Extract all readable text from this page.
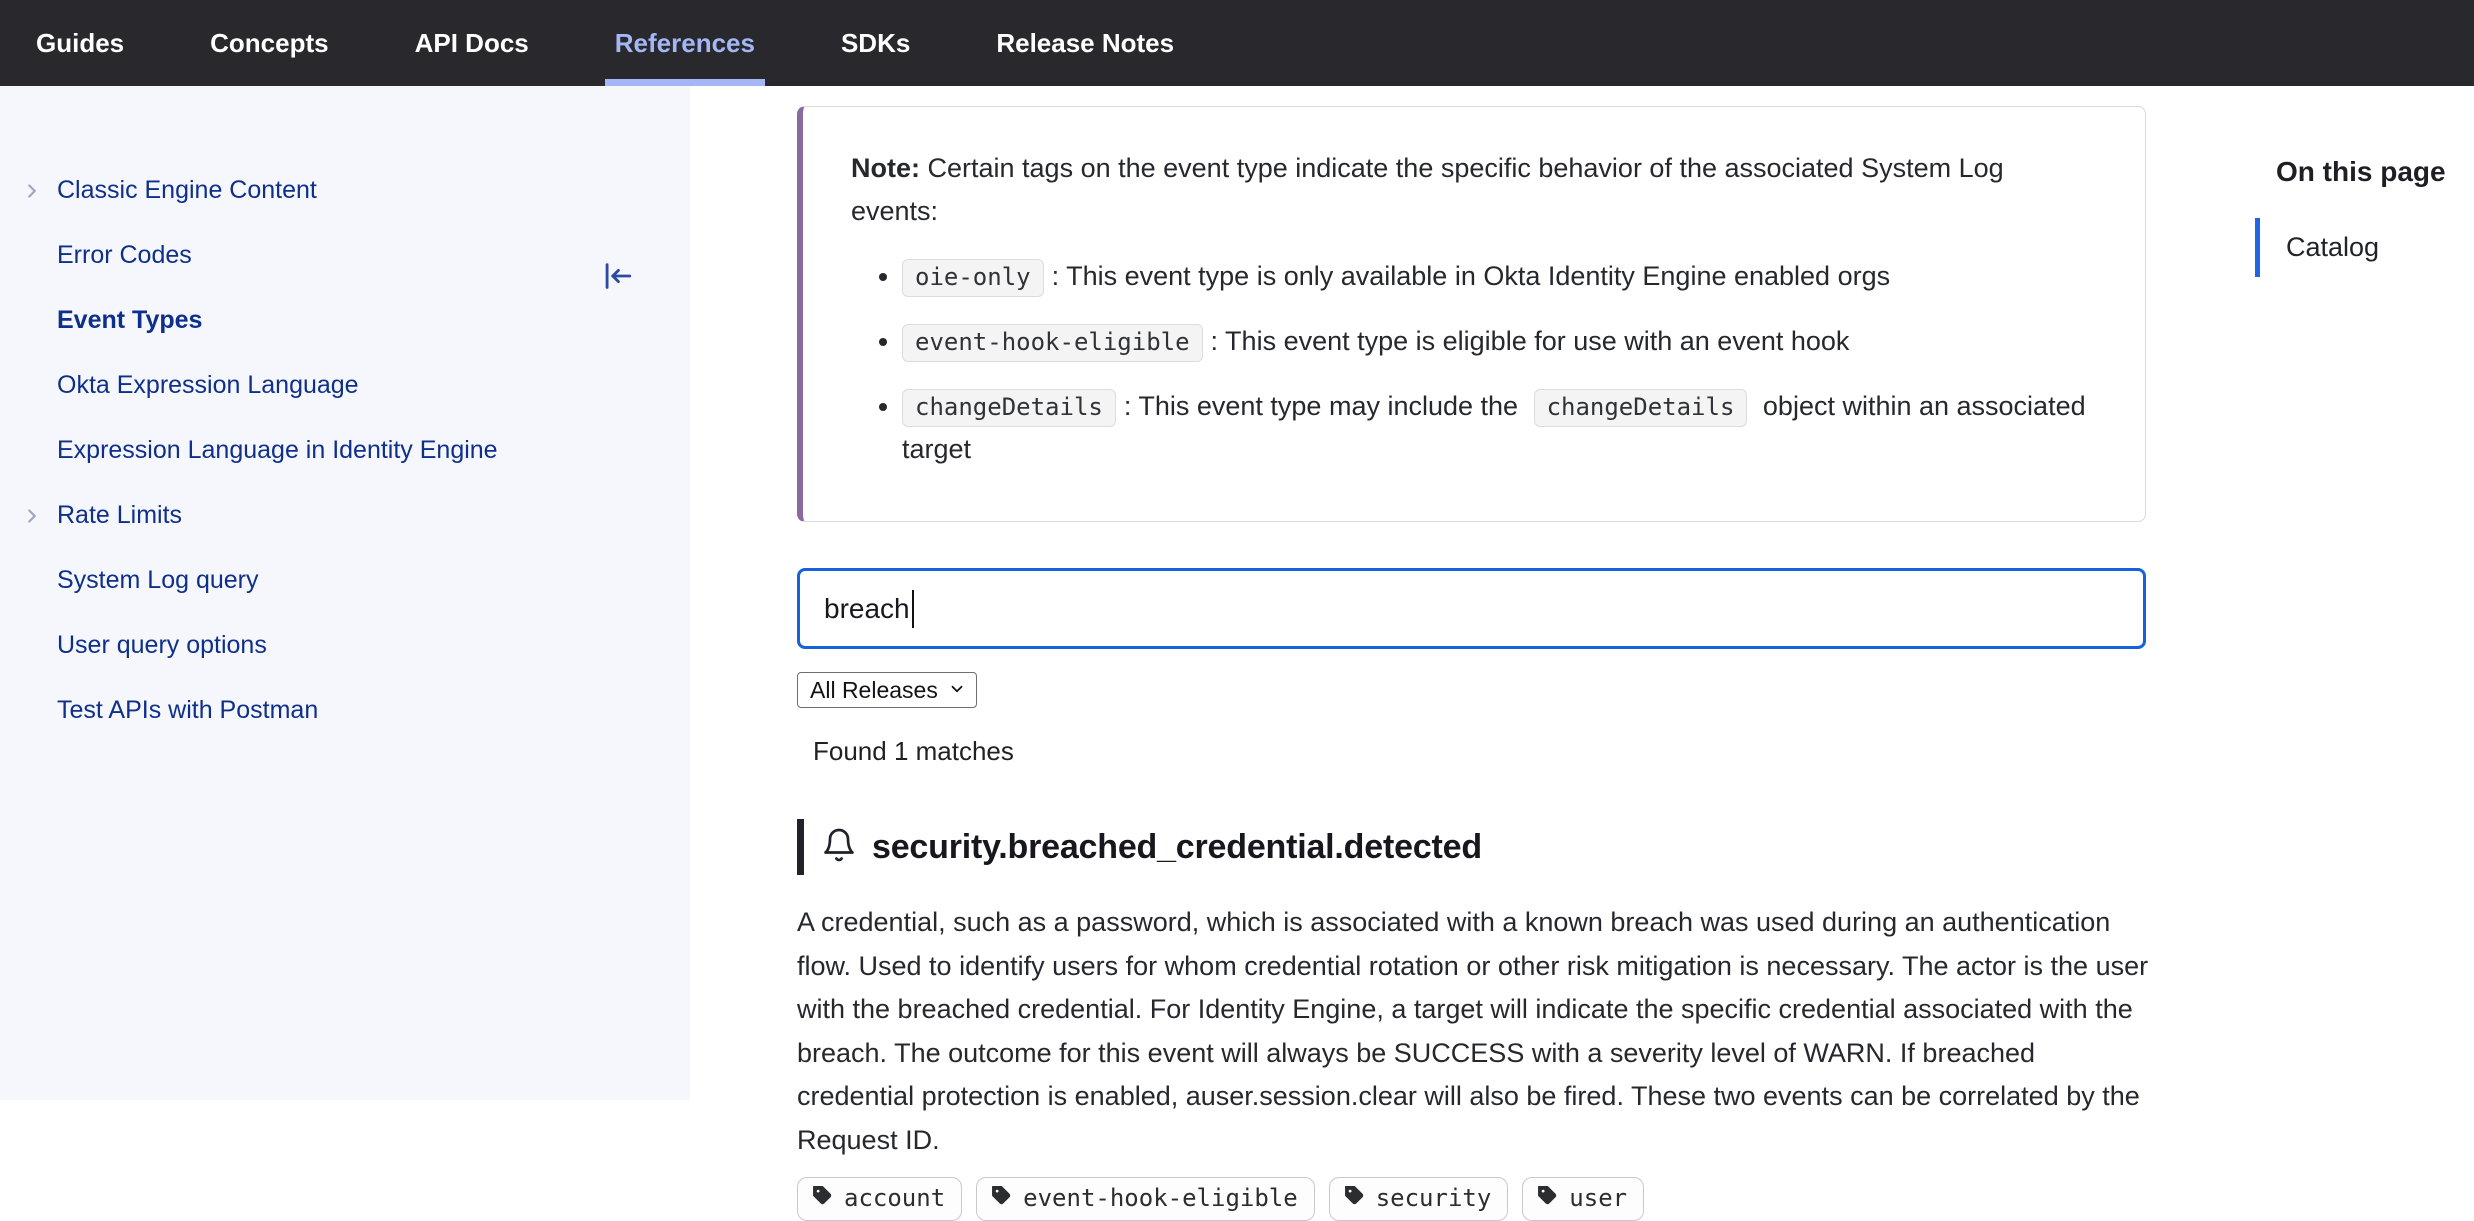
Guides	Concepts	API Docs	References	SDKs	Release Notes
Classic Engine Content
Error Codes
Event Types
Okta Expression Language
Expression Language in Identity Engine
Rate Limits
System Log query
User query options
Test APIs with Postman

Note: Certain tags on the event type indicate the specific behavior of the associated System Log events:

• oie-only : This event type is only available in Okta Identity Engine enabled orgs
• event-hook-eligible : This event type is eligible for use with an event hook
• changeDetails : This event type may include the changeDetails object within an associated target
breach
All Releases
Found 1 matches
security.breached_credential.detected

A credential, such as a password, which is associated with a known breach was used during an authentication flow. Used to identify users for whom credential rotation or other risk mitigation is necessary. The actor is the user with the breached credential. For Identity Engine, a target will indicate the specific credential associated with the breach. The outcome for this event will always be SUCCESS with a severity level of WARN. If breached credential protection is enabled, auser.session.clear will also be fired. These two events can be correlated by the Request ID.

account	event-hook-eligible	security	user
On this page
Catalog
